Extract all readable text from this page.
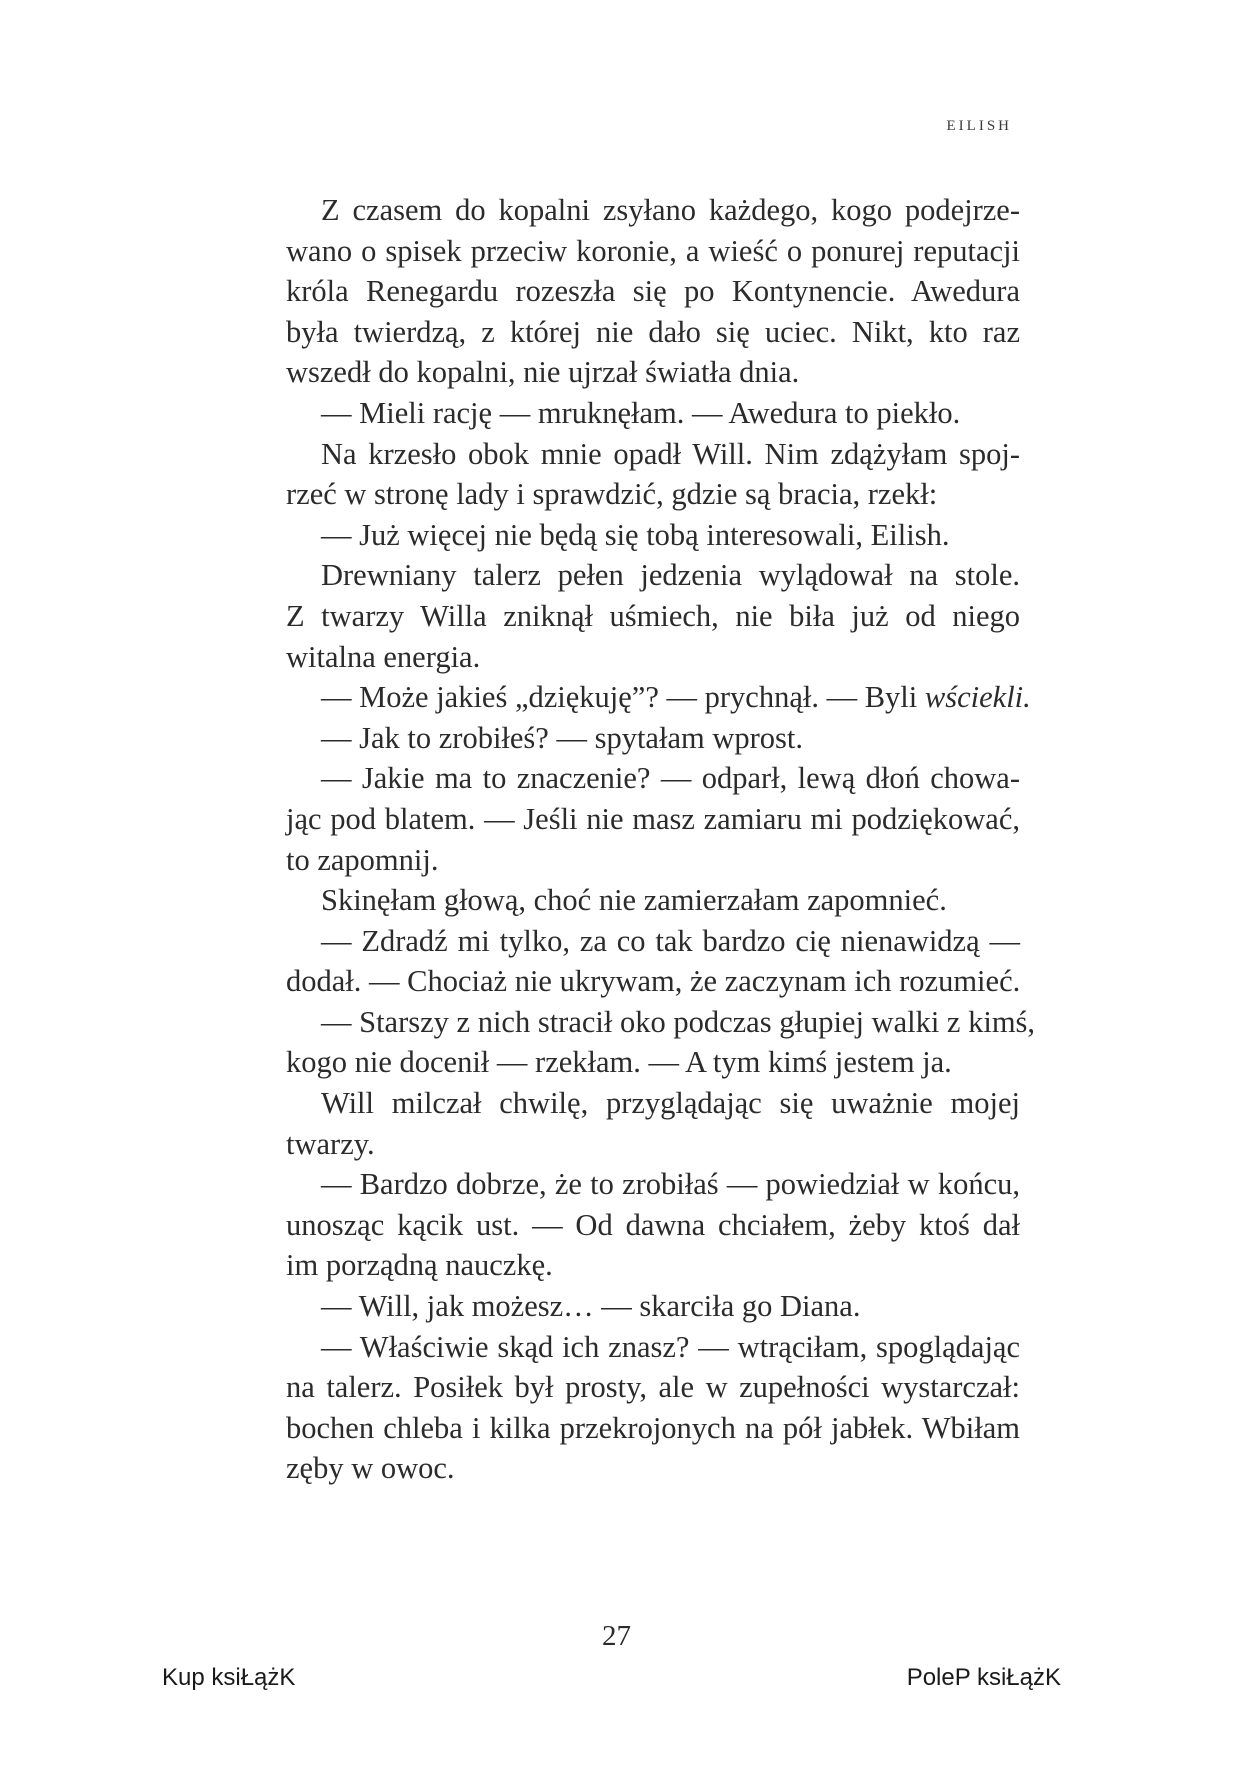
EILISH
Z czasem do kopalni zsyłano każdego, kogo podejrze-
wano o spisek przeciw koronie, a wieść o ponurej reputacji
króla Renegardu rozeszła się po Kontynencie. Awedura
była twierdzą, z której nie dało się uciec. Nikt, kto raz
wszedł do kopalni, nie ujrzał światła dnia.
— Mieli rację — mruknęłam. — Awedura to piekło.
Na krzesło obok mnie opadł Will. Nim zdążyłam spoj-
rzeć w stronę lady i sprawdzić, gdzie są bracia, rzekł:
— Już więcej nie będą się tobą interesowali, Eilish.
Drewniany talerz pełen jedzenia wylądował na stole.
Z twarzy Willa zniknął uśmiech, nie biła już od niego
witalna energia.
— Może jakieś „dziękuję”? — prychnął. — Byli wściekli.
— Jak to zrobiłeś? — spytałam wprost.
— Jakie ma to znaczenie? — odparł, lewą dłoń chowa-
jąc pod blatem. — Jeśli nie masz zamiaru mi podziękować,
to zapomnij.
Skinęłam głową, choć nie zamierzałam zapomnieć.
— Zdradź mi tylko, za co tak bardzo cię nienawidzą —
dodał. — Chociaż nie ukrywam, że zaczynam ich rozumieć.
— Starszy z nich stracił oko podczas głupiej walki z kimś,
kogo nie docenił — rzekłam. — A tym kimś jestem ja.
Will milczał chwilę, przyglądając się uważnie mojej
twarzy.
— Bardzo dobrze, że to zrobiłaś — powiedział w końcu,
unosząc kącik ust. — Od dawna chciałem, żeby ktoś dał
im porządną nauczkę.
— Will, jak możesz… — skarciła go Diana.
— Właściwie skąd ich znasz? — wtrąciłam, spoglądając
na talerz. Posiłek był prosty, ale w zupełności wystarczał:
bochen chleba i kilka przekrojonych na pół jabłek. Wbiłam
zęby w owoc.
27
Kup ksiŁążK	PoleP ksiŁążK
